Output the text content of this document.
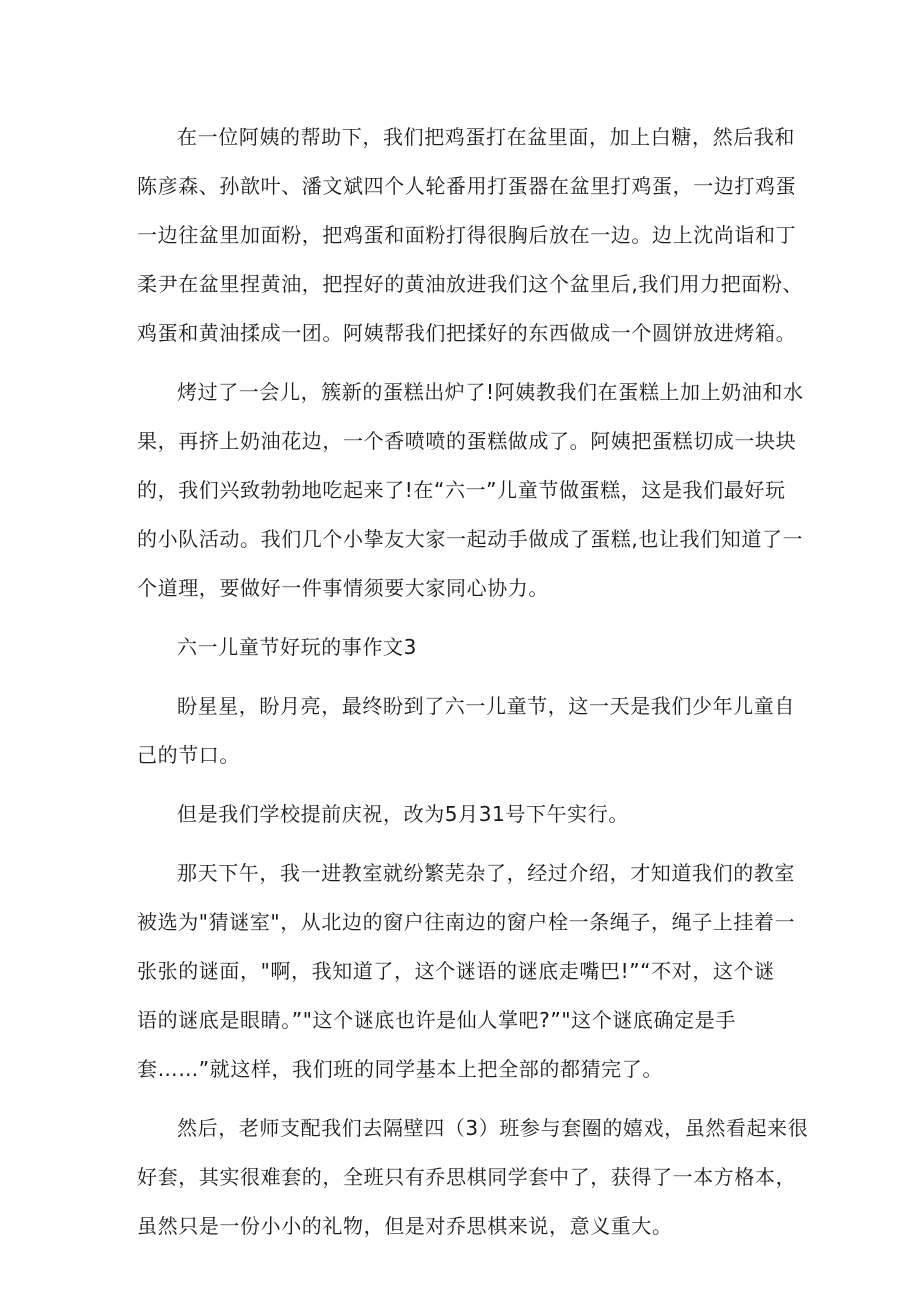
在一位阿姨的帮助下，我们把鸡蛋打在盆里面，加上白糖，然后我和
陈彦森、孙歆叶、潘文斌四个人轮番用打蛋器在盆里打鸡蛋，一边打鸡蛋
一边往盆里加面粉，把鸡蛋和面粉打得很胸后放在一边。边上沈尚诣和丁
柔尹在盆里捏黄油，把捏好的黄油放进我们这个盆里后,我们用力把面粉、
鸡蛋和黄油揉成一团。阿姨帮我们把揉好的东西做成一个圆饼放进烤箱。
烤过了一会儿，簇新的蛋糕出炉了!阿姨教我们在蛋糕上加上奶油和水
果，再挤上奶油花边，一个香喷喷的蛋糕做成了。阿姨把蛋糕切成一块块
的，我们兴致勃勃地吃起来了!在“六一”儿童节做蛋糕，这是我们最好玩
的小队活动。我们几个小挚友大家一起动手做成了蛋糕,也让我们知道了一
个道理，要做好一件事情须要大家同心协力。
六一儿童节好玩的事作文3
盼星星，盼月亮，最终盼到了六一儿童节，这一天是我们少年儿童自
己的节口。
但是我们学校提前庆祝，改为5月31号下午实行。
那天下午，我一进教室就纷繁芜杂了，经过介绍，才知道我们的教室
被选为"猜谜室"，从北边的窗户往南边的窗户栓一条绳子，绳子上挂着一
张张的谜面，"啊，我知道了，这个谜语的谜底走嘴巴!”“不对，这个谜
语的谜底是眼睛。”"这个谜底也许是仙人掌吧?”"这个谜底确定是手
套……”就这样，我们班的同学基本上把全部的都猜完了。
然后，老师支配我们去隔壁四（3）班参与套圈的嬉戏，虽然看起来很
好套，其实很难套的，全班只有乔思棋同学套中了，获得了一本方格本，
虽然只是一份小小的礼物，但是对乔思棋来说，意义重大。
